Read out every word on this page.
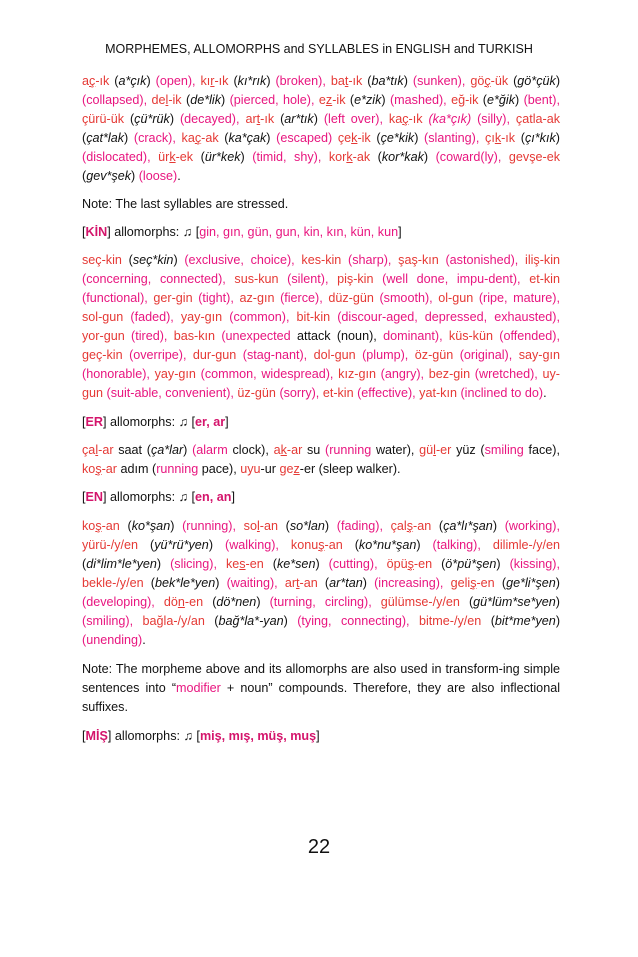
MORPHEMES, ALLOMORPHS and SYLLABLES in ENGLISH and TURKISH

aç-ık (a*çık) (open), kır-ık (kı*rık) (broken), bat-ık (ba*tık) (sunken), göç-ük (gö*çük) (collapsed), del-ik (de*lik) (pierced, hole), ez-ik (e*zik) (mashed), eğ-ik (e*ğik) (bent), çürü-ük (çü*rük) (decayed), art-ık (ar*tık) (left over), kaç-ık (ka*çık) (silly), çatla-ak (çat*lak) (crack), kaç-ak (ka*çak) (escaped) çek-ik (çe*kik) (slanting), çık-ık (çı*kık) (dislocated), ürk-ek (ür*kek) (timid, shy), kork-ak (kor*kak) (coward(ly), gevşe-ek (gev*şek) (loose).

Note: The last syllables are stressed.

[KİN] allomorphs: ♫ [gin, gın, gün, gun, kin, kın, kün, kun]

seç-kin (seç*kin) (exclusive, choice), kes-kin (sharp), şaş-kın (astonished), iliş-kin (concerning, connected), sus-kun (silent), piş-kin (well done, impu-dent), et-kin (functional), ger-gin (tight), az-gın (fierce), düz-gün (smooth), ol-gun (ripe, mature), sol-gun (faded), yay-gın (common), bit-kin (discour-aged, depressed, exhausted), yor-gun (tired), bas-kın (unexpected attack (noun), dominant), küs-kün (offended), geç-kin (overripe), dur-gun (stag-nant), dol-gun (plump), öz-gün (original), say-gın (honorable), yay-gın (common, widespread), kız-gın (angry), bez-gin (wretched), uy-gun (suit-able, convenient), üz-gün (sorry), et-kin (effective), yat-kın (inclined to do).

[ER] allomorphs: ♫ [er, ar]

çal-ar saat (ça*lar) (alarm clock), ak-ar su (running water), gül-er yüz (smiling face), koş-ar adım (running pace), uyu-ur gez-er (sleep walker).

[EN] allomorphs: ♫ [en, an]

koş-an (ko*şan) (running), sol-an (so*lan) (fading), çalş-an (ça*lı*şan) (working), yürü-/y/en (yü*rü*yen) (walking), konuş-an (ko*nu*şan) (talking), dilimle-/y/en (di*lim*le*yen) (slicing), kes-en (ke*sen) (cutting), öpüş-en (ö*pü*şen) (kissing), bekle-/y/en (bek*le*yen) (waiting), art-an (ar*tan) (increasing), geliş-en (ge*li*şen) (developing), dön-en (dö*nen) (turning, circling), gülümse-/y/en (gü*lüm*se*yen) (smiling), bağla-/y/an (bağ*la*-yan) (tying, connecting), bitme-/y/en (bit*me*yen) (unending).

Note: The morpheme above and its allomorphs are also used in transform-ing simple sentences into “modifier + noun” compounds. Therefore, they are also inflectional suffixes.

[MİŞ] allomorphs: ♫ [miş, mış, müş, muş]

22
